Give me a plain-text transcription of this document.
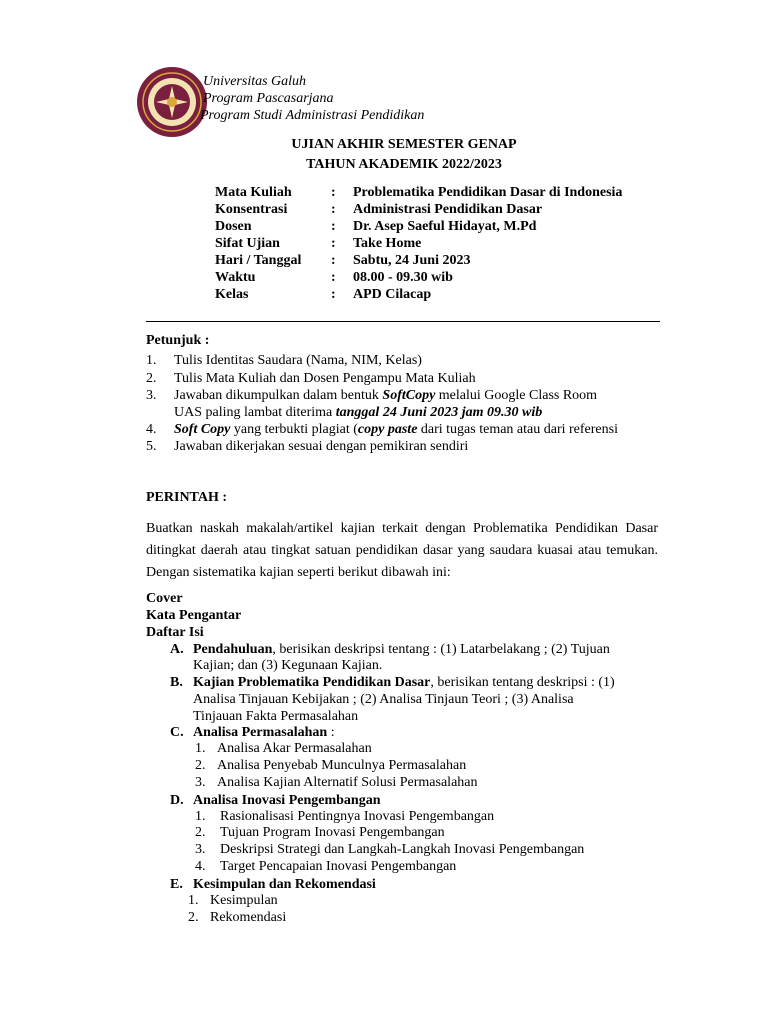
Universitas Galuh
Program Pascasarjana
Program Studi Administrasi Pendidikan
UJIAN AKHIR SEMESTER GENAP
TAHUN AKADEMIK 2022/2023
Mata Kuliah	:	Problematika Pendidikan Dasar di Indonesia
Konsentrasi	:	Administrasi Pendidikan Dasar
Dosen	:	Dr. Asep Saeful Hidayat, M.Pd
Sifat Ujian	:	Take Home
Hari / Tanggal	:	Sabtu, 24 Juni 2023
Waktu	:	08.00 - 09.30 wib
Kelas	:	APD Cilacap
Petunjuk :
1. Tulis Identitas Saudara (Nama, NIM, Kelas)
2. Tulis Mata Kuliah dan Dosen Pengampu Mata Kuliah
3. Jawaban dikumpulkan dalam bentuk SoftCopy melalui Google Class Room
UAS paling lambat diterima tanggal 24 Juni 2023 jam 09.30 wib
4. Soft Copy yang terbukti plagiat (copy paste dari tugas teman atau dari referensi
5. Jawaban dikerjakan sesuai dengan pemikiran sendiri
PERINTAH :
Buatkan naskah makalah/artikel kajian terkait dengan Problematika Pendidikan Dasar ditingkat daerah atau tingkat satuan pendidikan dasar yang saudara kuasai atau temukan. Dengan sistematika kajian seperti berikut dibawah ini:
Cover
Kata Pengantar
Daftar Isi
A. Pendahuluan, berisikan deskripsi tentang : (1) Latarbelakang ; (2) Tujuan
Kajian; dan (3) Kegunaan Kajian.
B. Kajian Problematika Pendidikan Dasar, berisikan tentang deskripsi : (1)
Analisa Tinjauan Kebijakan ; (2) Analisa Tinjaun Teori ; (3) Analisa
Tinjauan Fakta Permasalahan
C. Analisa Permasalahan :
1. Analisa Akar Permasalahan
2. Analisa Penyebab Munculnya Permasalahan
3. Analisa Kajian Alternatif Solusi Permasalahan
D. Analisa Inovasi Pengembangan
1. Rasionalisasi Pentingnya Inovasi Pengembangan
2. Tujuan Program Inovasi Pengembangan
3. Deskripsi Strategi dan Langkah-Langkah Inovasi Pengembangan
4. Target Pencapaian Inovasi Pengembangan
E. Kesimpulan dan Rekomendasi
1. Kesimpulan
2. Rekomendasi
